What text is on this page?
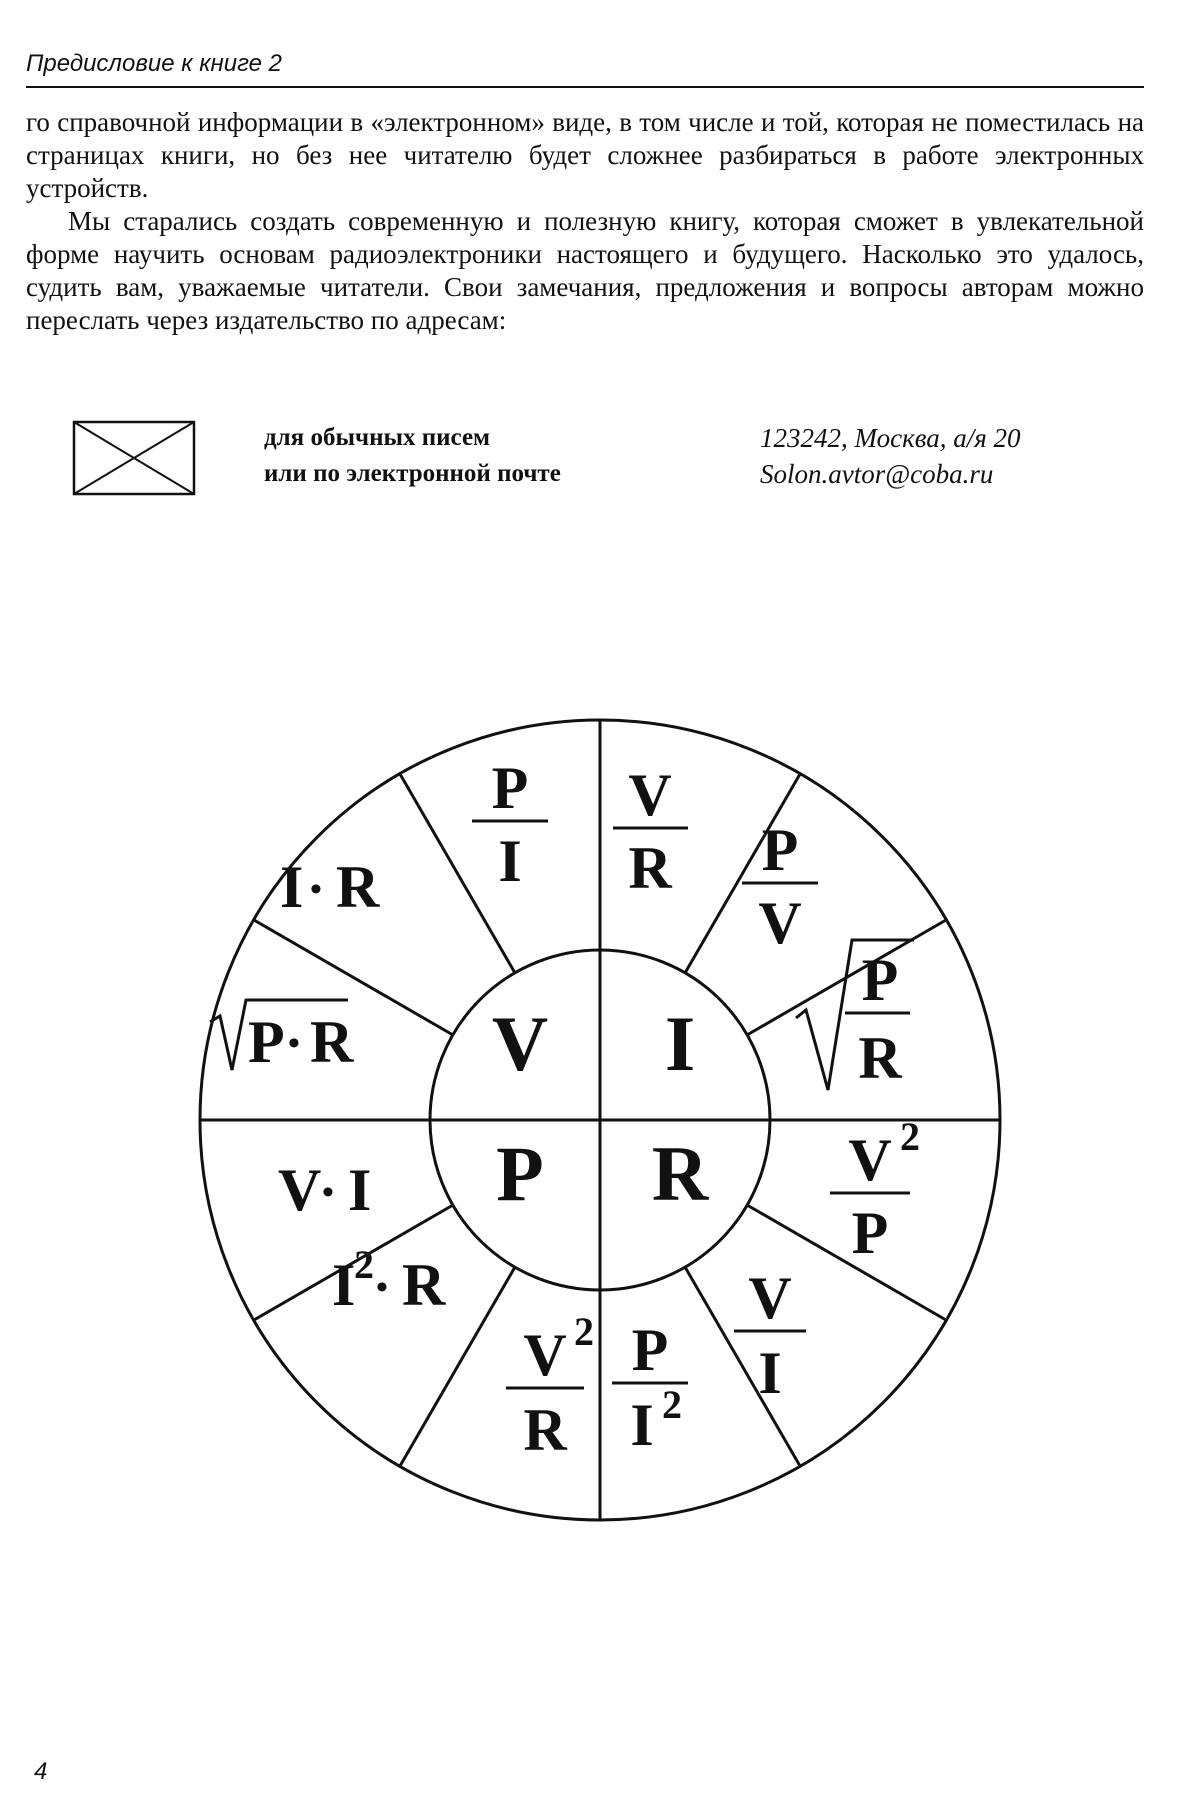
Предисловие к книге 2

го справочной информации в «электронном» виде, в том числе и той, которая не поместилась на страницах книги, но без нее читателю будет сложнее разбираться в работе электронных устройств.

Мы старались создать современную и полезную книгу, которая сможет в увлекательной форме научить основам радиоэлектроники настоящего и будущего. Насколько это удалось, судить вам, уважаемые читатели. Свои замечания, предложения и вопросы авторам можно переслать через издательство по адресам:

для обычных писем
или по электронной почте
123242, Москва, а/я 20
Solon.avtor@coba.ru
V I
P R
V
R P
V
P
R
V 2
P
V
I
P
I 2
V 2
R
I
2
• R
V • I
P • R
I • R
P
I
4
